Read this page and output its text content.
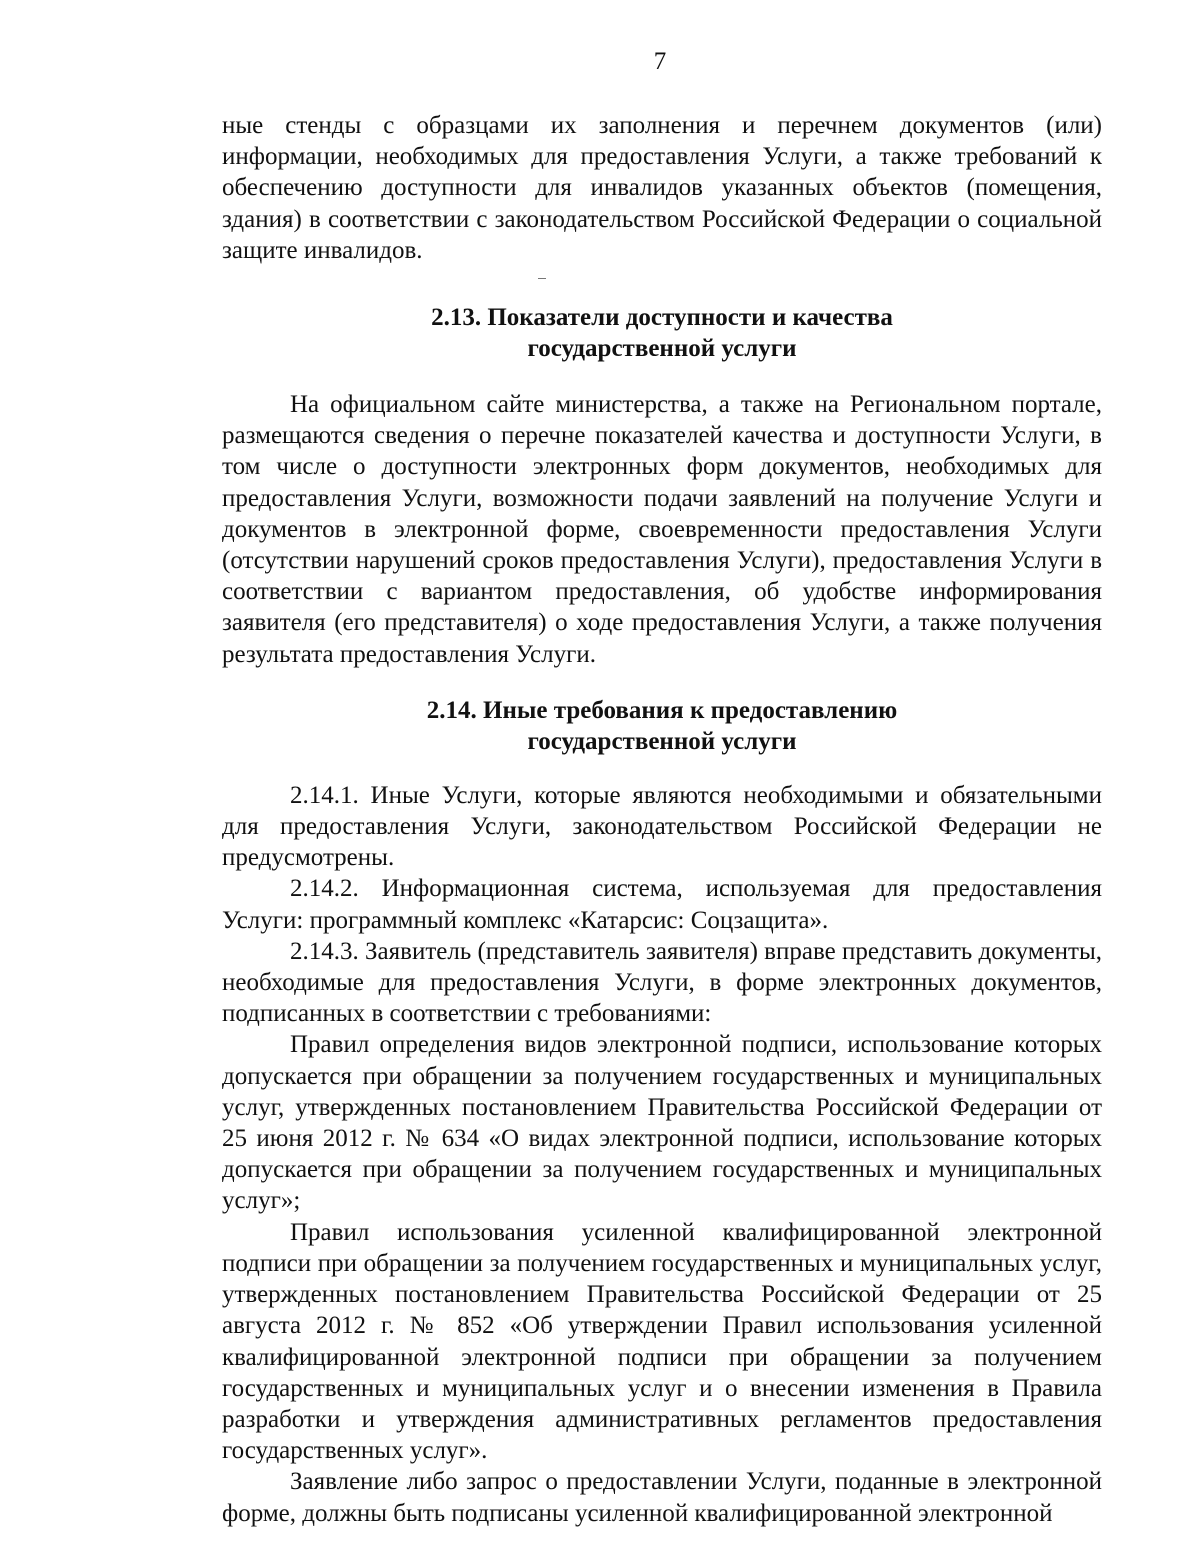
7

ные стенды с образцами их заполнения и перечнем документов (или) информации, необходимых для предоставления Услуги, а также требований к обеспечению доступности для инвалидов указанных объектов (помещения, здания) в соответствии с законодательством Российской Федерации о социальной защите инвалидов.

2.13. Показатели доступности и качества
государственной услуги

На официальном сайте министерства, а также на Региональном портале, размещаются сведения о перечне показателей качества и доступности Услуги, в том числе о доступности электронных форм документов, необходимых для предоставления Услуги, возможности подачи заявлений на получение Услуги и документов в электронной форме, своевременности предоставления Услуги (отсутствии нарушений сроков предоставления Услуги), предоставления Услуги в соответствии с вариантом предоставления, об удобстве информирования заявителя (его представителя) о ходе предоставления Услуги, а также получения результата предоставления Услуги.

2.14. Иные требования к предоставлению
государственной услуги

2.14.1. Иные Услуги, которые являются необходимыми и обязательными для предоставления Услуги, законодательством Российской Федерации не предусмотрены.

2.14.2. Информационная система, используемая для предоставления Услуги: программный комплекс «Катарсис: Соцзащита».

2.14.3. Заявитель (представитель заявителя) вправе представить документы, необходимые для предоставления Услуги, в форме электронных документов, подписанных в соответствии с требованиями:

Правил определения видов электронной подписи, использование которых допускается при обращении за получением государственных и муниципальных услуг, утвержденных постановлением Правительства Российской Федерации от 25 июня 2012 г. № 634 «О видах электронной подписи, использование которых допускается при обращении за получением государственных и муниципальных услуг»;

Правил использования усиленной квалифицированной электронной подписи при обращении за получением государственных и муниципальных услуг, утвержденных постановлением Правительства Российской Федерации от 25 августа 2012 г. № 852 «Об утверждении Правил использования усиленной квалифицированной электронной подписи при обращении за получением государственных и муниципальных услуг и о внесении изменения в Правила разработки и утверждения административных регламентов предоставления государственных услуг».

Заявление либо запрос о предоставлении Услуги, поданные в электронной форме, должны быть подписаны усиленной квалифицированной электронной
